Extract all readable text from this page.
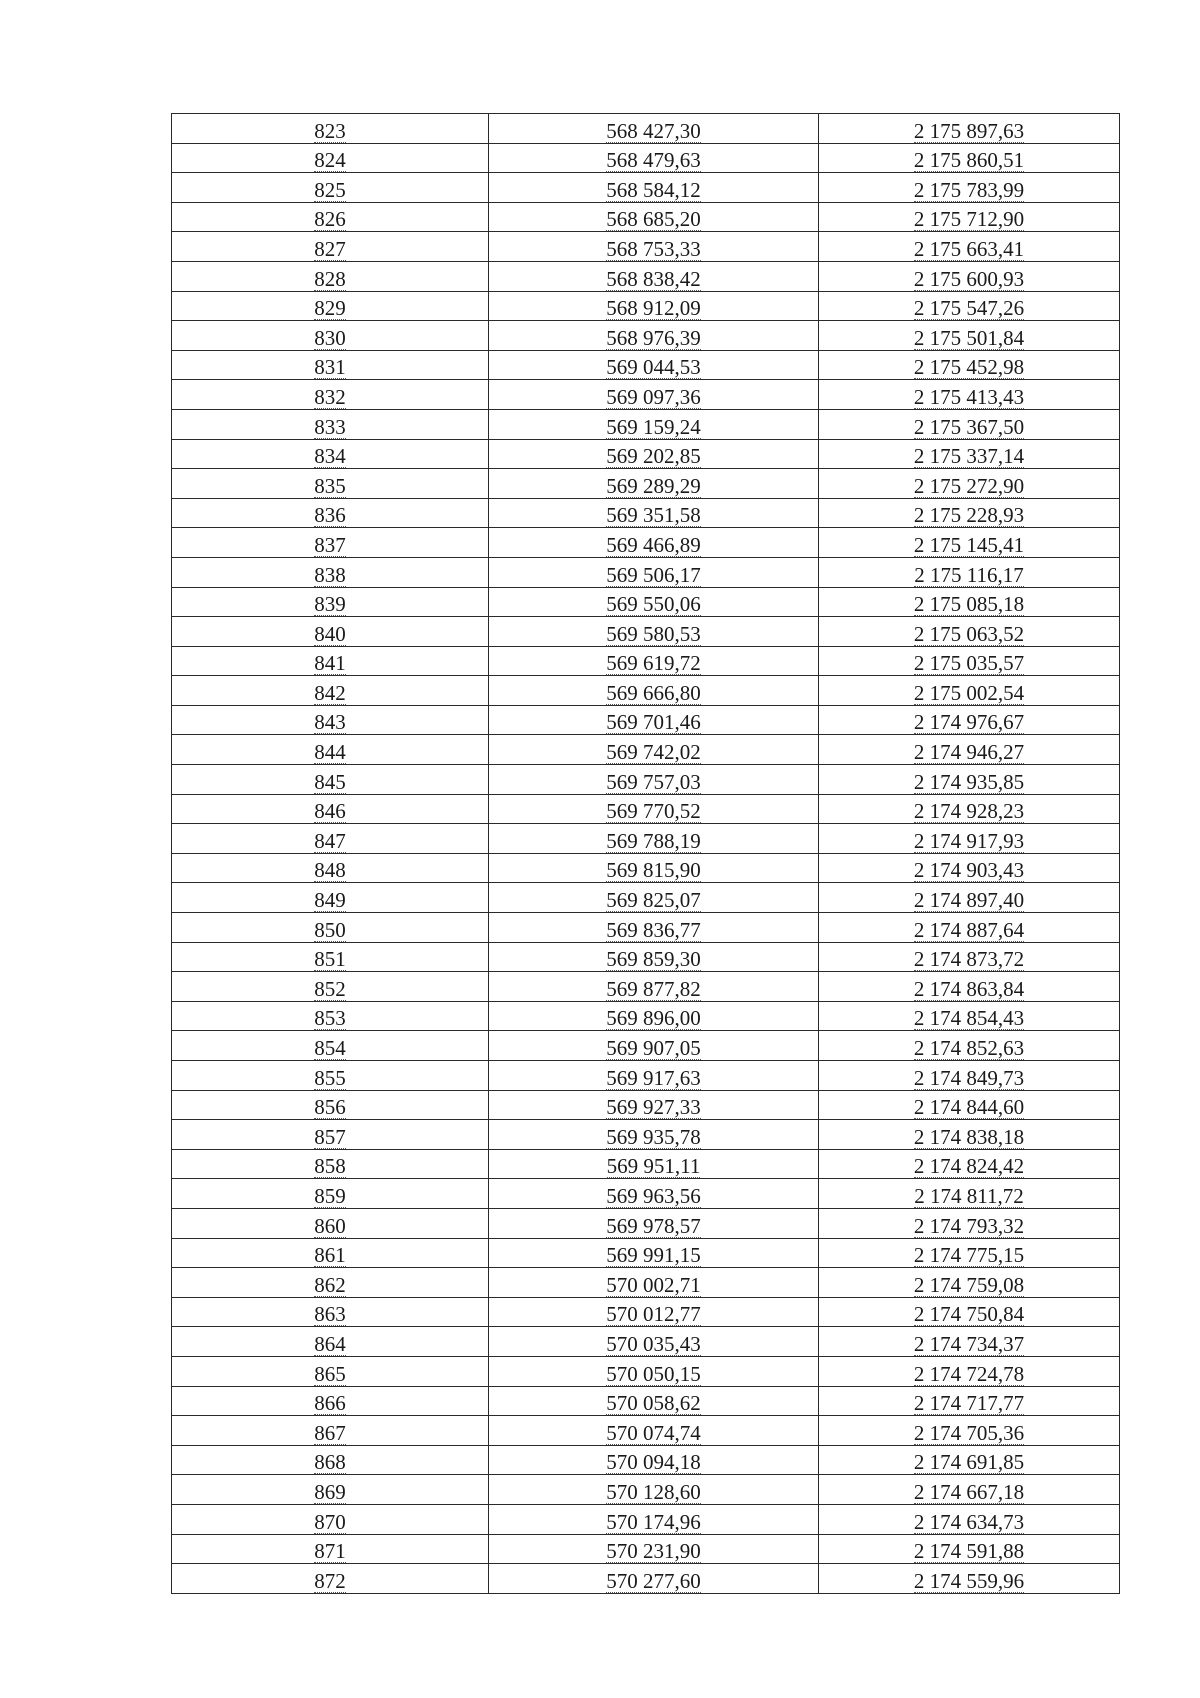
823	568 427,30	2 175 897,63
824	568 479,63	2 175 860,51
825	568 584,12	2 175 783,99
826	568 685,20	2 175 712,90
827	568 753,33	2 175 663,41
828	568 838,42	2 175 600,93
829	568 912,09	2 175 547,26
830	568 976,39	2 175 501,84
831	569 044,53	2 175 452,98
832	569 097,36	2 175 413,43
833	569 159,24	2 175 367,50
834	569 202,85	2 175 337,14
835	569 289,29	2 175 272,90
836	569 351,58	2 175 228,93
837	569 466,89	2 175 145,41
838	569 506,17	2 175 116,17
839	569 550,06	2 175 085,18
840	569 580,53	2 175 063,52
841	569 619,72	2 175 035,57
842	569 666,80	2 175 002,54
843	569 701,46	2 174 976,67
844	569 742,02	2 174 946,27
845	569 757,03	2 174 935,85
846	569 770,52	2 174 928,23
847	569 788,19	2 174 917,93
848	569 815,90	2 174 903,43
849	569 825,07	2 174 897,40
850	569 836,77	2 174 887,64
851	569 859,30	2 174 873,72
852	569 877,82	2 174 863,84
853	569 896,00	2 174 854,43
854	569 907,05	2 174 852,63
855	569 917,63	2 174 849,73
856	569 927,33	2 174 844,60
857	569 935,78	2 174 838,18
858	569 951,11	2 174 824,42
859	569 963,56	2 174 811,72
860	569 978,57	2 174 793,32
861	569 991,15	2 174 775,15
862	570 002,71	2 174 759,08
863	570 012,77	2 174 750,84
864	570 035,43	2 174 734,37
865	570 050,15	2 174 724,78
866	570 058,62	2 174 717,77
867	570 074,74	2 174 705,36
868	570 094,18	2 174 691,85
869	570 128,60	2 174 667,18
870	570 174,96	2 174 634,73
871	570 231,90	2 174 591,88
872	570 277,60	2 174 559,96
